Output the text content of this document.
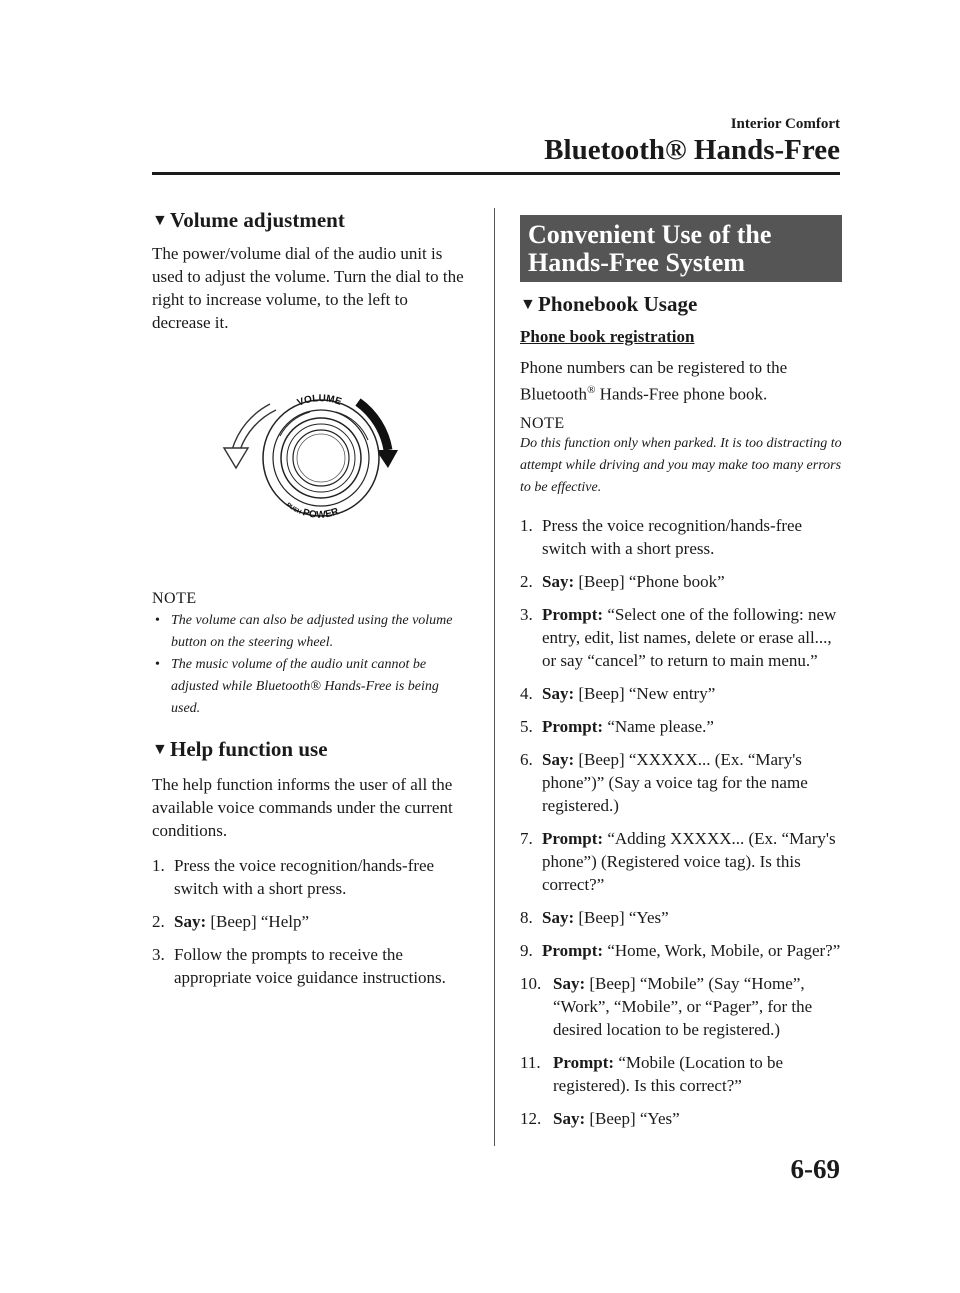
Interior Comfort
Bluetooth® Hands-Free
▼ Volume adjustment

The power/volume dial of the audio unit is used to adjust the volume. Turn the dial to the right to increase volume, to the left to decrease it.

VOLUME
PUSH POWER

NOTE

• The volume can also be adjusted using the volume button on the steering wheel.
• The music volume of the audio unit cannot be adjusted while Bluetooth® Hands-Free is being used.
▼ Help function use

The help function informs the user of all the available voice commands under the current conditions.

1. Press the voice recognition/hands-free switch with a short press.
2. Say: [Beep] “Help”
3. Follow the prompts to receive the appropriate voice guidance instructions.
Convenient Use of the
Hands-Free System
▼ Phonebook Usage

Phone book registration

Phone numbers can be registered to the Bluetooth® Hands-Free phone book.

NOTE

Do this function only when parked. It is too distracting to attempt while driving and you may make too many errors to be effective.

1. Press the voice recognition/hands-free switch with a short press.
2. Say: [Beep] “Phone book”
3. Prompt: “Select one of the following: new entry, edit, list names, delete or erase all..., or say “cancel” to return to main menu.”
4. Say: [Beep] “New entry”
5. Prompt: “Name please.”
6. Say: [Beep] “XXXXX... (Ex. “Mary's phone”)” (Say a voice tag for the name registered.)
7. Prompt: “Adding XXXXX... (Ex. “Mary's phone”) (Registered voice tag). Is this correct?”
8. Say: [Beep] “Yes”
9. Prompt: “Home, Work, Mobile, or Pager?”
10. Say: [Beep] “Mobile” (Say “Home”, “Work”, “Mobile”, or “Pager”, for the desired location to be registered.)
11. Prompt: “Mobile (Location to be registered). Is this correct?”
12. Say: [Beep] “Yes”
6-69
